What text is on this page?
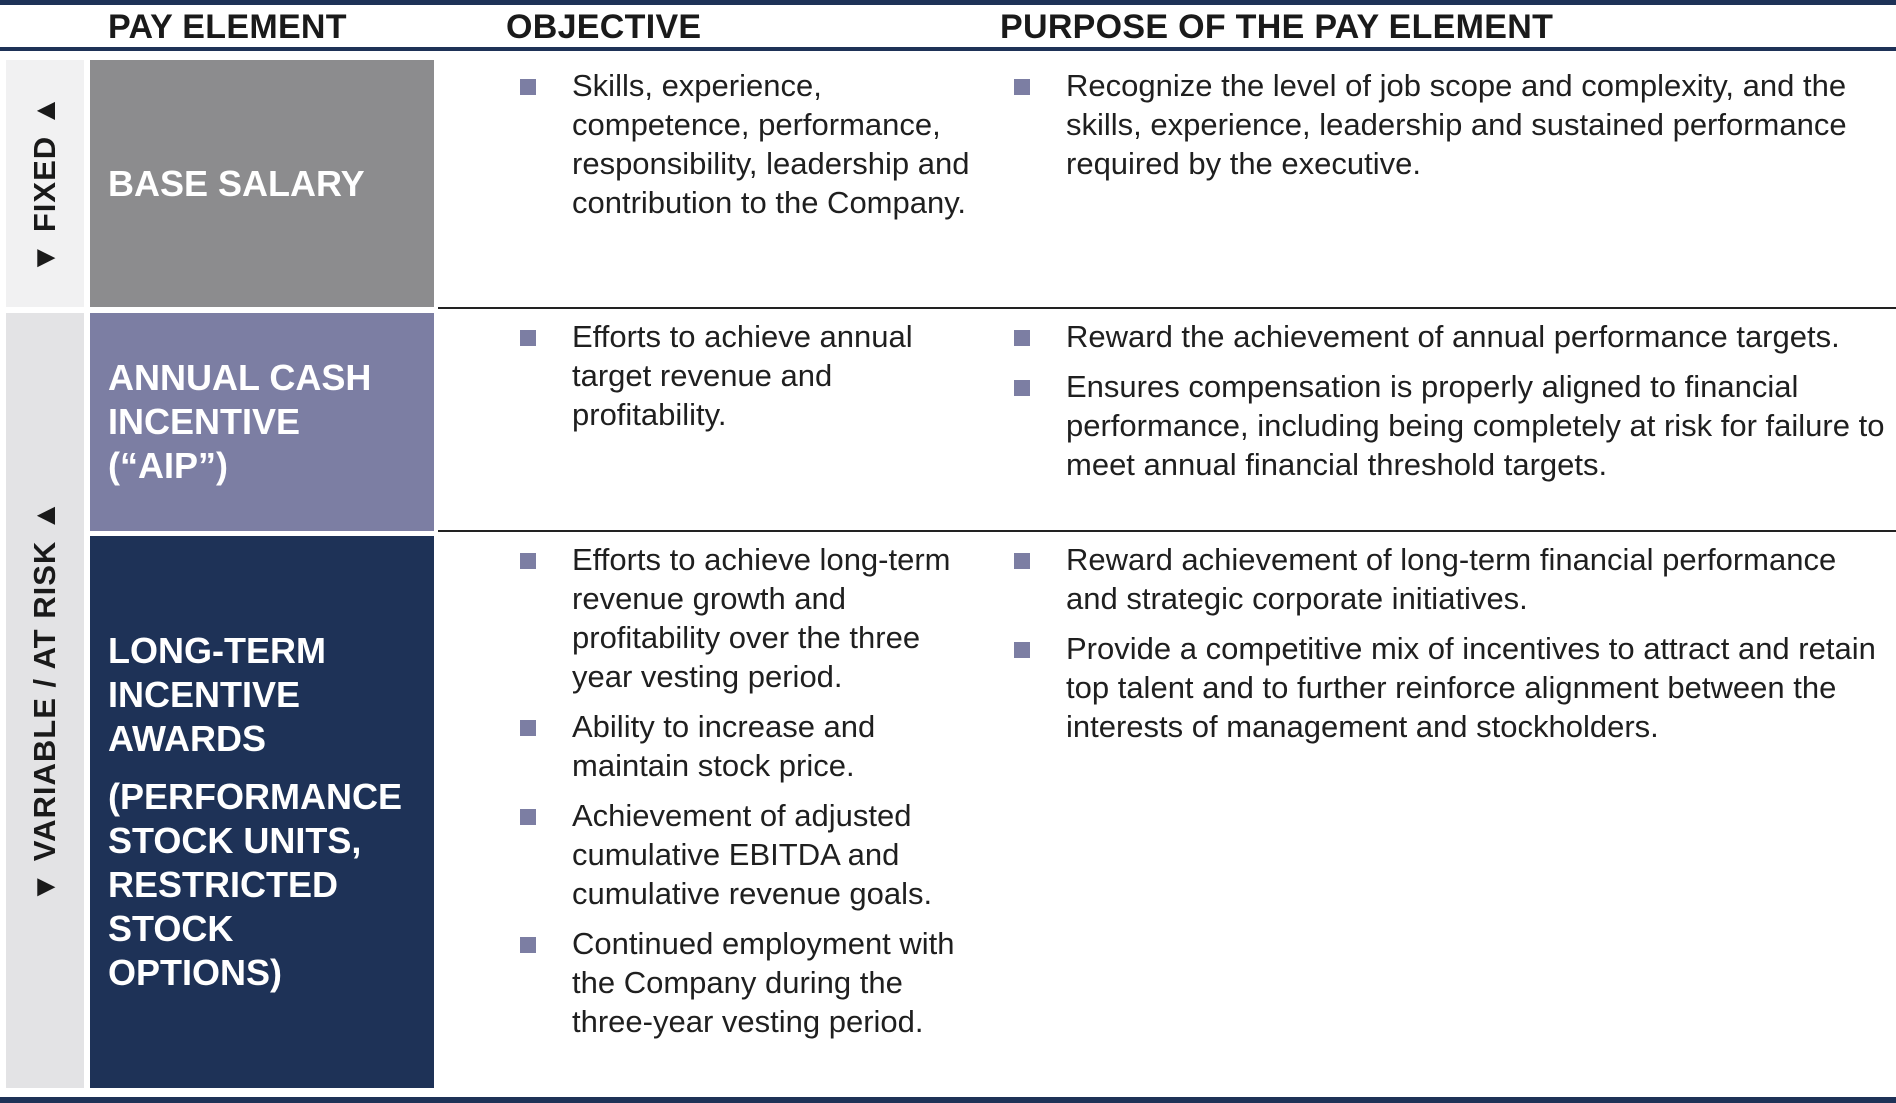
PAY ELEMENT	OBJECTIVE	PURPOSE OF THE PAY ELEMENT
▼ FIXED ▲
▼ VARIABLE / AT RISK ▲
BASE SALARY
ANNUAL CASH
INCENTIVE
(“AIP”)
LONG-TERM
INCENTIVE
AWARDS
(PERFORMANCE
STOCK UNITS,
RESTRICTED
STOCK
OPTIONS)
Skills, experience, competence, performance, responsibility, leadership and contribution to the Company.
Recognize the level of job scope and complexity, and the skills, experience, leadership and sustained performance required by the executive.
Efforts to achieve annual target revenue and profitability.
Reward the achievement of annual performance targets.
Ensures compensation is properly aligned to financial performance, including being completely at risk for failure to meet annual financial threshold targets.
Efforts to achieve long-term revenue growth and profitability over the three year vesting period.
Ability to increase and maintain stock price.
Achievement of adjusted cumulative EBITDA and cumulative revenue goals.
Continued employment with the Company during the three-year vesting period.
Reward achievement of long-term financial performance and strategic corporate initiatives.
Provide a competitive mix of incentives to attract and retain top talent and to further reinforce alignment between the interests of management and stockholders.
